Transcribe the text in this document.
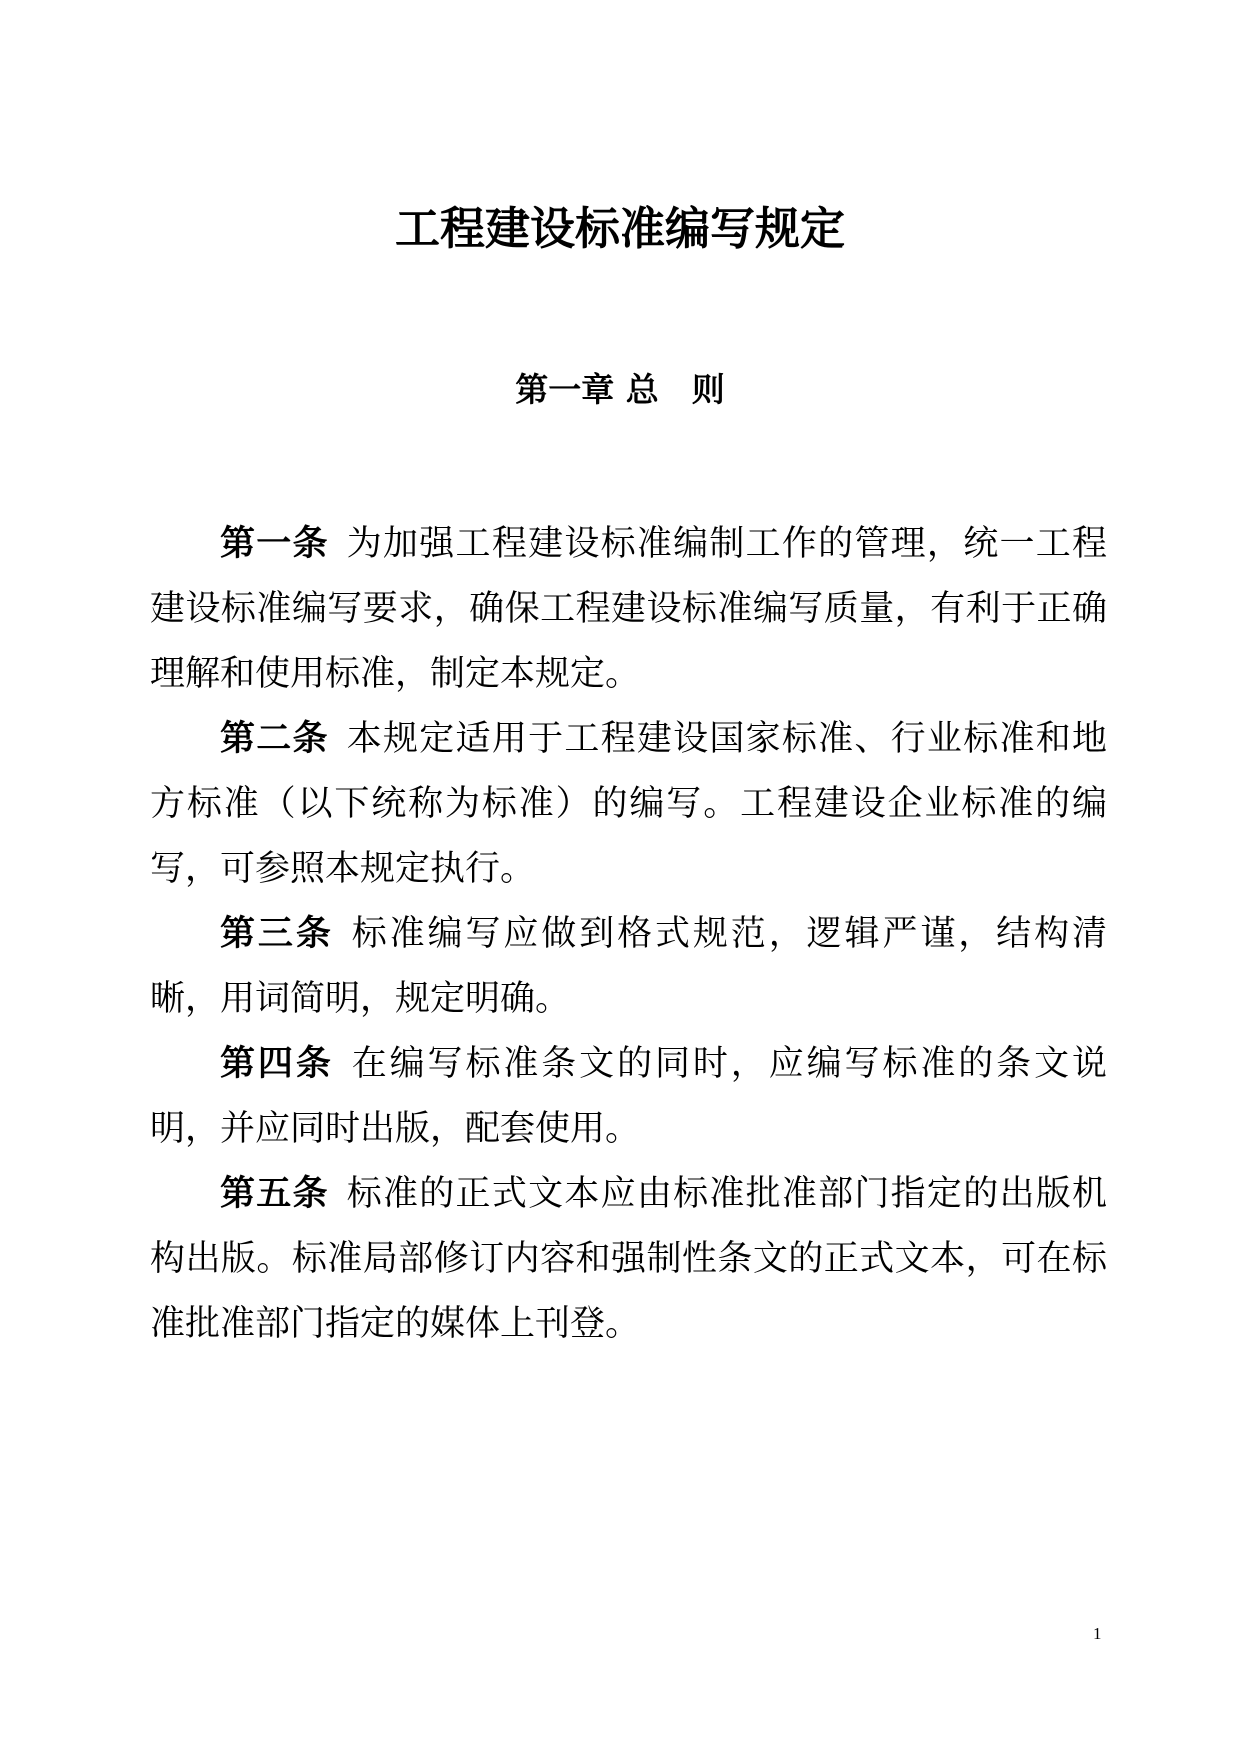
工程建设标准编写规定
第一章 总　则

第一条 为加强工程建设标准编制工作的管理，统一工程建设标准编写要求，确保工程建设标准编写质量，有利于正确理解和使用标准，制定本规定。

第二条 本规定适用于工程建设国家标准、行业标准和地方标准（以下统称为标准）的编写。工程建设企业标准的编写，可参照本规定执行。

第三条 标准编写应做到格式规范，逻辑严谨，结构清晰，用词简明，规定明确。

第四条 在编写标准条文的同时，应编写标准的条文说明，并应同时出版，配套使用。

第五条 标准的正式文本应由标准批准部门指定的出版机构出版。标准局部修订内容和强制性条文的正式文本，可在标准批准部门指定的媒体上刊登。

1
